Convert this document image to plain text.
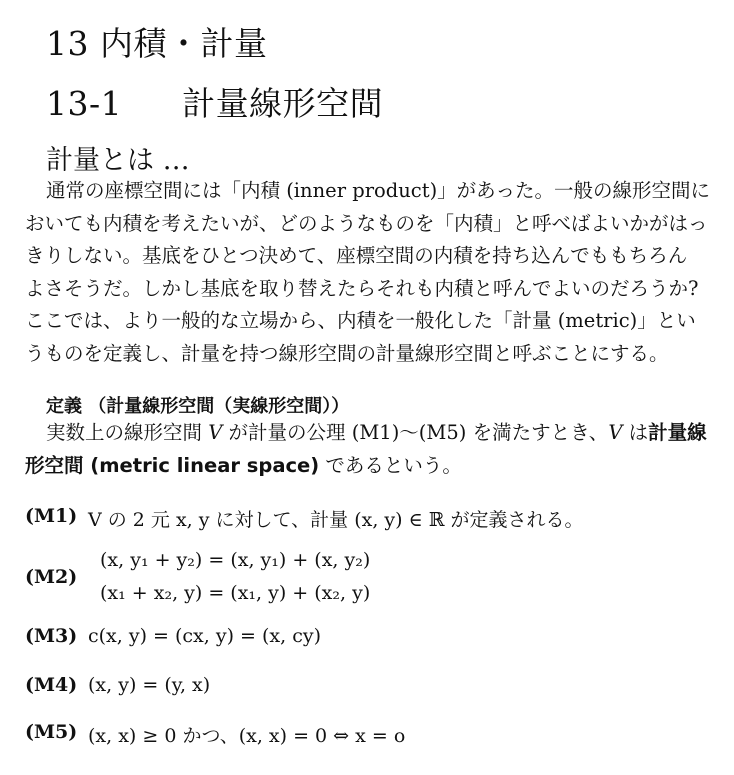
13 内積・計量
13-1 計量線形空間
計量とは …
通常の座標空間には「内積 (inner product)」があった。一般の線形空間に
おいても内積を考えたいが、どのようなものを「内積」と呼べばよいかがはっ
きりしない。基底をひとつ決めて、座標空間の内積を持ち込んでももちろん
よさそうだ。しかし基底を取り替えたらそれも内積と呼んでよいのだろうか?
ここでは、より一般的な立場から、内積を一般化した「計量 (metric)」とい
うものを定義し、計量を持つ線形空間の計量線形空間と呼ぶことにする。
定義 （計量線形空間（実線形空間））
実数上の線形空間 V が計量の公理 (M1)〜(M5) を満たすとき、V は計量線
形空間 (metric linear space) であるという。
(M1) V の 2 元 x, y に対して、計量 (x, y) ∈ ℝ が定義される。
(M2)
(x, y₁ + y₂) = (x, y₁) + (x, y₂)
(x₁ + x₂, y) = (x₁, y) + (x₂, y)
(M3) c(x, y) = (cx, y) = (x, cy)
(M4) (x, y) = (y, x)
(M5) (x, x) ≥ 0 かつ、(x, x) = 0 ⇔ x = o
